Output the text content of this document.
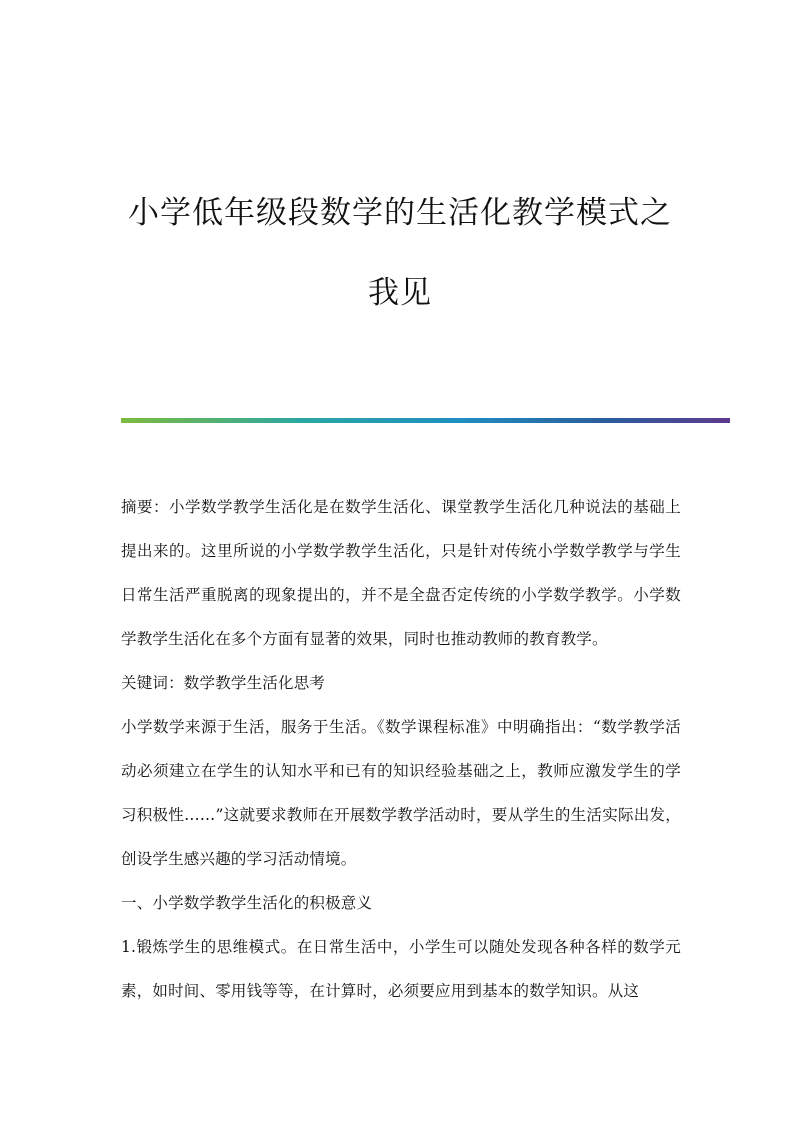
小学低年级段数学的生活化教学模式之
我见

摘要：小学数学教学生活化是在数学生活化、课堂教学生活化几种说法的基础上提出来的。这里所说的小学数学教学生活化，只是针对传统小学数学教学与学生日常生活严重脱离的现象提出的，并不是全盘否定传统的小学数学教学。小学数学教学生活化在多个方面有显著的效果，同时也推动教师的教育教学。

关键词：数学教学生活化思考

小学数学来源于生活，服务于生活。《数学课程标准》中明确指出：“数学教学活动必须建立在学生的认知水平和已有的知识经验基础之上，教师应激发学生的学习积极性……”这就要求教师在开展数学教学活动时，要从学生的生活实际出发，创设学生感兴趣的学习活动情境。

一、小学数学教学生活化的积极意义

1.锻炼学生的思维模式。在日常生活中，小学生可以随处发现各种各样的数学元素，如时间、零用钱等等，在计算时，必须要应用到基本的数学知识。从这
